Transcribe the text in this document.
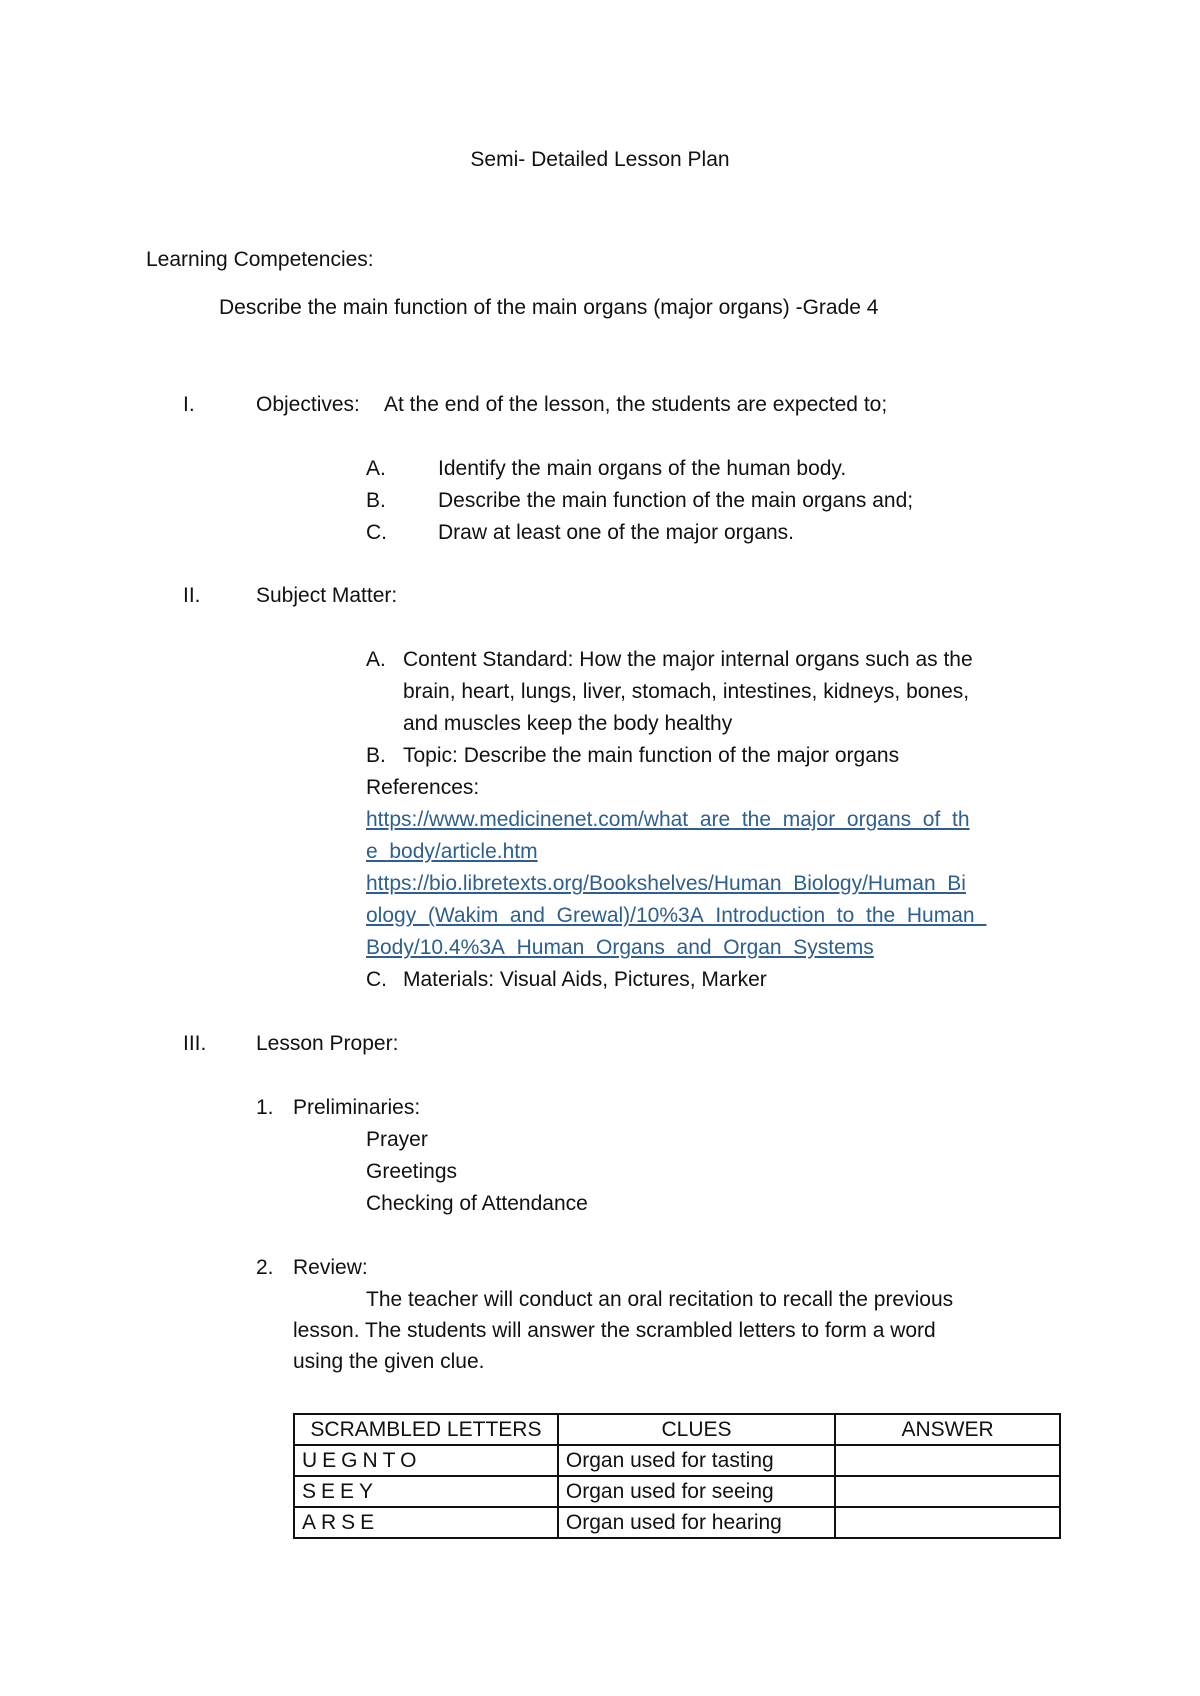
Semi- Detailed Lesson Plan
Learning Competencies:
Describe the main function of the main organs (major organs) -Grade 4
I.	Objectives: At the end of the lesson, the students are expected to;
A. Identify the main organs of the human body.
B. Describe the main function of the main organs and;
C. Draw at least one of the major organs.
II.	Subject Matter:
A. Content Standard: How the major internal organs such as the
brain, heart, lungs, liver, stomach, intestines, kidneys, bones,
and muscles keep the body healthy
B. Topic: Describe the main function of the major organs
References:
https://www.medicinenet.com/what_are_the_major_organs_of_th
e_body/article.htm
https://bio.libretexts.org/Bookshelves/Human_Biology/Human_Bi
ology_(Wakim_and_Grewal)/10%3A_Introduction_to_the_Human_
Body/10.4%3A_Human_Organs_and_Organ_Systems
C. Materials: Visual Aids, Pictures, Marker
III. Lesson Proper:
1. Preliminaries:
Prayer
Greetings
Checking of Attendance
2. Review:
The teacher will conduct an oral recitation to recall the previous
lesson. The students will answer the scrambled letters to form a word
using the given clue.
SCRAMBLED LETTERS	CLUES	ANSWER
UEGNTO	Organ used for tasting	
SEEY	Organ used for seeing	
ARSE	Organ used for hearing	
